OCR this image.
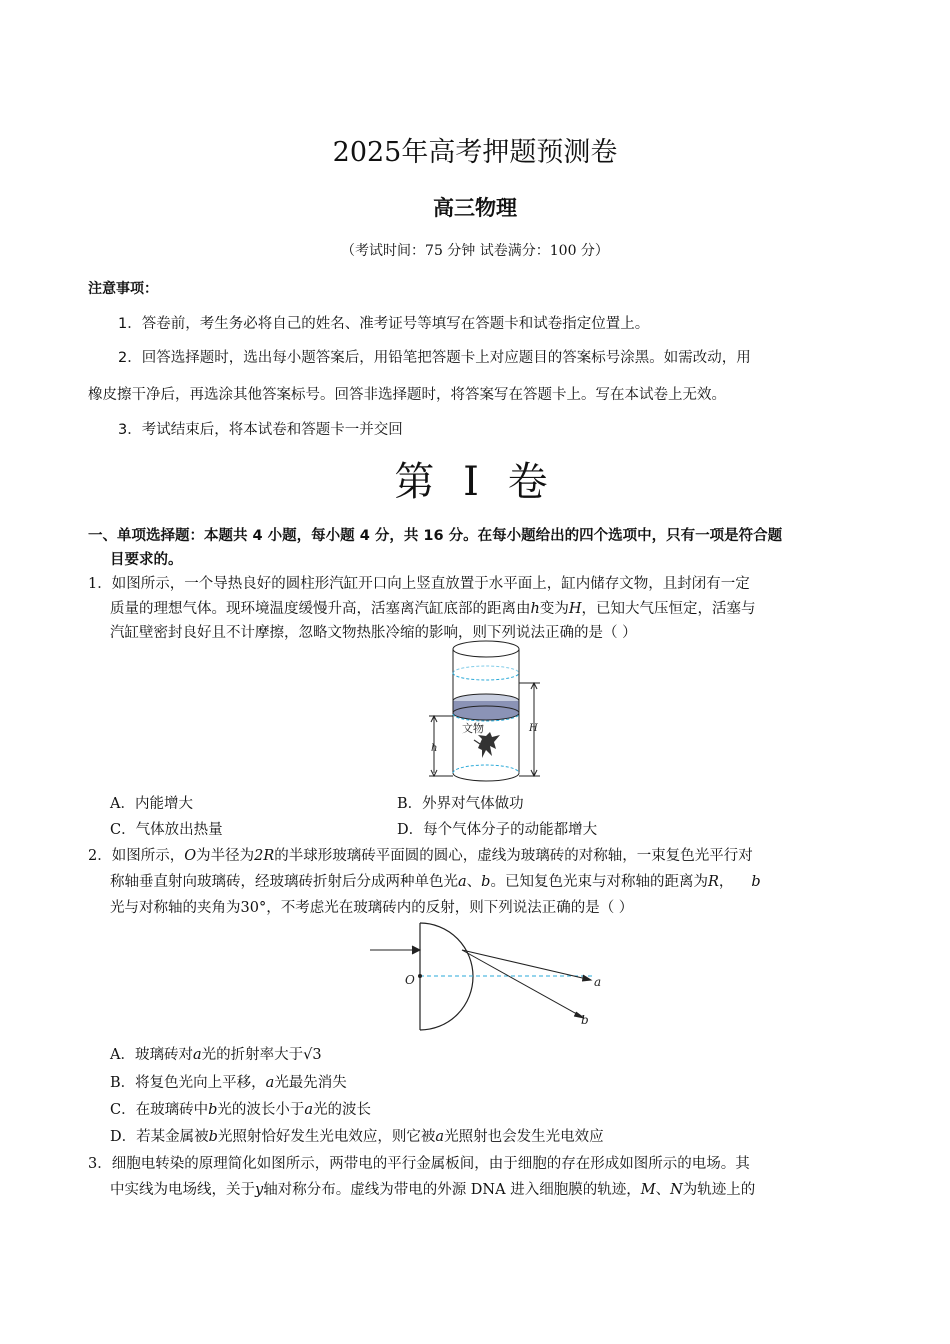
2025年高考押题预测卷
高三物理
（考试时间：75 分钟 试卷满分：100 分）
注意事项：
1．答卷前，考生务必将自己的姓名、准考证号等填写在答题卡和试卷指定位置上。
2．回答选择题时，选出每小题答案后，用铅笔把答题卡上对应题目的答案标号涂黑。如需改动，用
橡皮擦干净后，再选涂其他答案标号。回答非选择题时，将答案写在答题卡上。写在本试卷上无效。
3．考试结束后，将本试卷和答题卡一并交回
第 I 卷
一、单项选择题：本题共 4 小题，每小题 4 分，共 16 分。在每小题给出的四个选项中，只有一项是符合题
目要求的。
1．如图所示，一个导热良好的圆柱形汽缸开口向上竖直放置于水平面上，缸内储存文物，且封闭有一定
质量的理想气体。现环境温度缓慢升高，活塞离汽缸底部的距离由h变为H，已知大气压恒定，活塞与
汽缸壁密封良好且不计摩擦，忽略文物热胀冷缩的影响，则下列说法正确的是（ ）
文物
h
H
A．内能增大	B．外界对气体做功
C．气体放出热量	D．每个气体分子的动能都增大
2．如图所示，O为半径为2R的半球形玻璃砖平面圆的圆心，虚线为玻璃砖的对称轴，一束复色光平行对
称轴垂直射向玻璃砖，经玻璃砖折射后分成两种单色光a、b。已知复色光束与对称轴的距离为R， b
光与对称轴的夹角为30°，不考虑光在玻璃砖内的反射，则下列说法正确的是（ ）
O	a
b
A．玻璃砖对a光的折射率大于√3
B．将复色光向上平移，a光最先消失
C．在玻璃砖中b光的波长小于a光的波长
D．若某金属被b光照射恰好发生光电效应，则它被a光照射也会发生光电效应
3．细胞电转染的原理简化如图所示，两带电的平行金属板间，由于细胞的存在形成如图所示的电场。其
中实线为电场线，关于y轴对称分布。虚线为带电的外源 DNA 进入细胞膜的轨迹，M、N为轨迹上的
